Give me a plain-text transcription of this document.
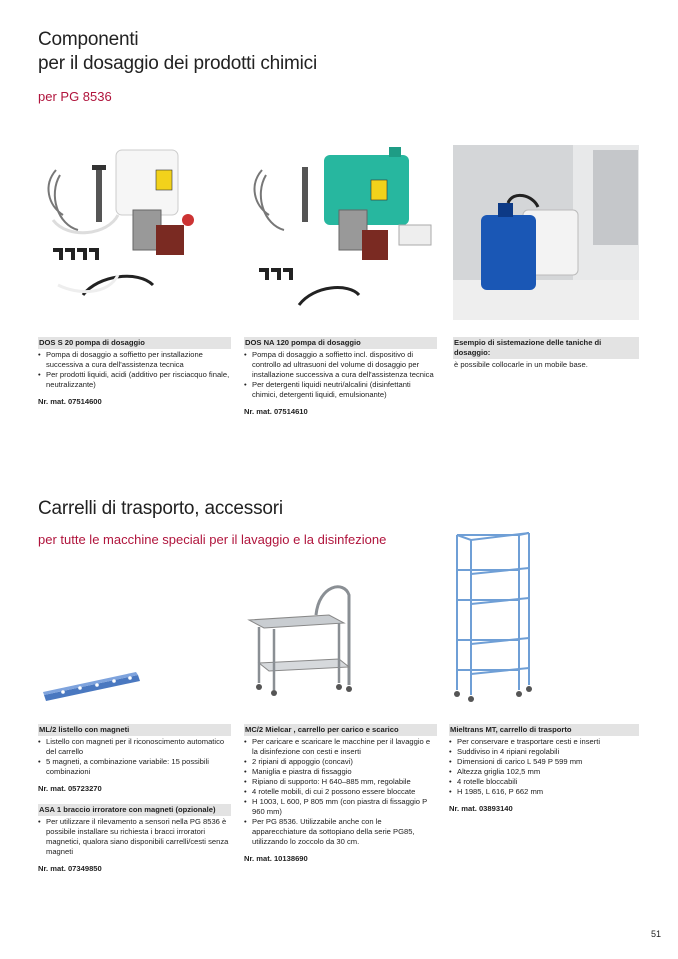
Componenti
per il dosaggio dei prodotti chimici
per PG 8536
DOS S 20 pompa di dosaggio
• Pompa di dosaggio a soffietto per installazione successiva a cura dell'assistenza tecnica
• Per prodotti liquidi, acidi (additivo per risciacquo finale, neutralizzante)
Nr. mat. 07514600
DOS NA 120 pompa di dosaggio
• Pompa di dosaggio a soffietto incl. dispositivo di controllo ad ultrasuoni del volume di dosaggio per installazione successiva a cura dell'assistenza tecnica
• Per detergenti liquidi neutri/alcalini (disinfettanti chimici, detergenti liquidi, emulsionante)
Nr. mat. 07514610
Esempio di sistemazione delle taniche di dosaggio:
è possibile collocarle in un mobile base.
Carrelli di trasporto, accessori
per tutte le macchine speciali per il lavaggio e la disinfezione
ML/2 listello con magneti
• Listello con magneti per il riconoscimento automatico del carrello
• 5 magneti, a combinazione variabile: 15 possibili combinazioni
Nr. mat. 05723270
ASA 1 braccio irroratore con magneti (opzionale)
• Per utilizzare il rilevamento a sensori nella PG 8536 è possibile installare su richiesta i bracci irroratori magnetici, qualora siano disponibili carrelli/cesti senza magneti
Nr. mat. 07349850
MC/2 Mielcar , carrello per carico e scarico
• Per caricare e scaricare le macchine per il lavaggio e la disinfezione con cesti e inserti
• 2 ripiani di appoggio (concavi)
• Maniglia e piastra di fissaggio
• Ripiano di supporto: H 640–885 mm, regolabile
• 4 rotelle mobili, di cui 2 possono essere bloccate
• H 1003, L 600, P 805 mm (con piastra di fissaggio P 960 mm)
• Per PG 8536. Utilizzabile anche con le apparecchiature da sottopiano della serie PG85, utilizzando lo zoccolo da 30 cm.
Nr. mat. 10138690
Mieltrans MT, carrello di trasporto
• Per conservare e trasportare cesti e inserti
• Suddiviso in 4 ripiani regolabili
• Dimensioni di carico L 549 P 599 mm
• Altezza griglia 102,5 mm
• 4 rotelle bloccabili
• H 1985, L 616, P 662 mm
Nr. mat. 03893140
51
